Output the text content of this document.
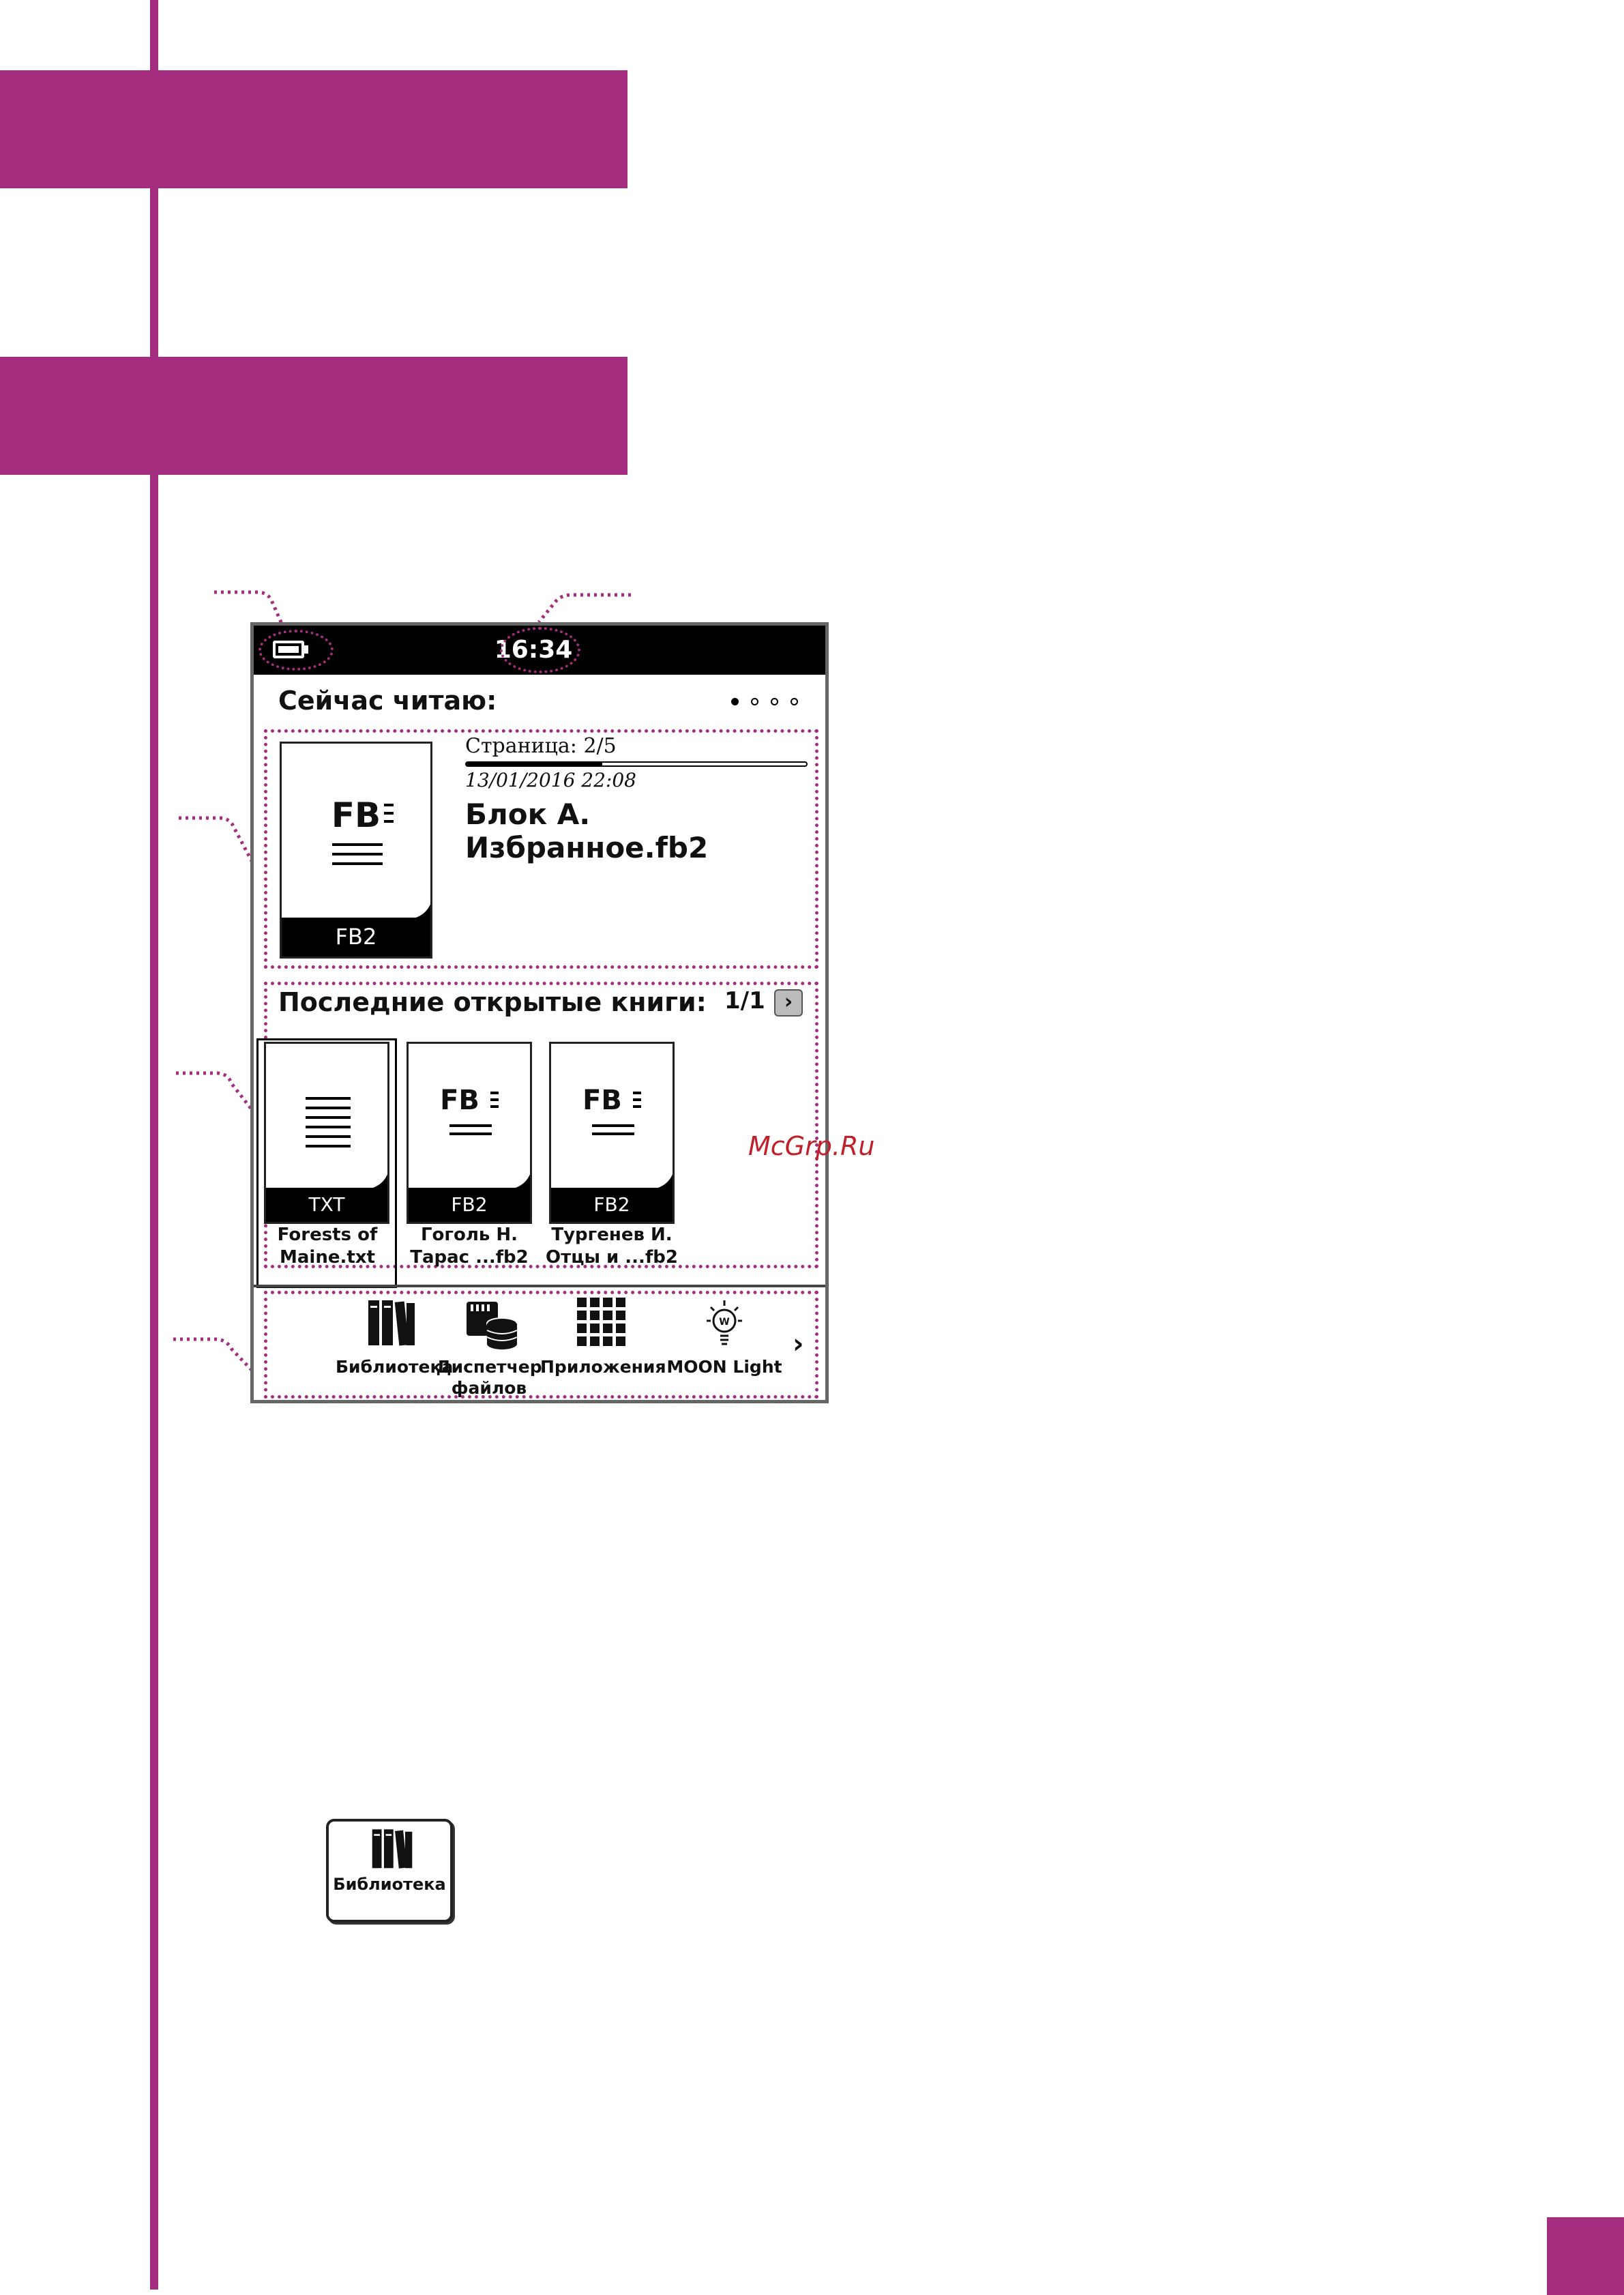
16:34
Сейчас читаю:
FB
FB2
Страница: 2/5
13/01/2016 22:08
Блок А. Избранное.fb2
Последние открытые книги: 1/1 ›
TXT
Forests of
Maine.txt
FB
FB2
Гоголь Н.
Тарас ...fb2
FB
FB2
Тургенев И.
Отцы и ...fb2
Библиотека
Диспетчер
файлов
Приложения
W
MOON Light
›
McGrp.Ru
Библиотека
